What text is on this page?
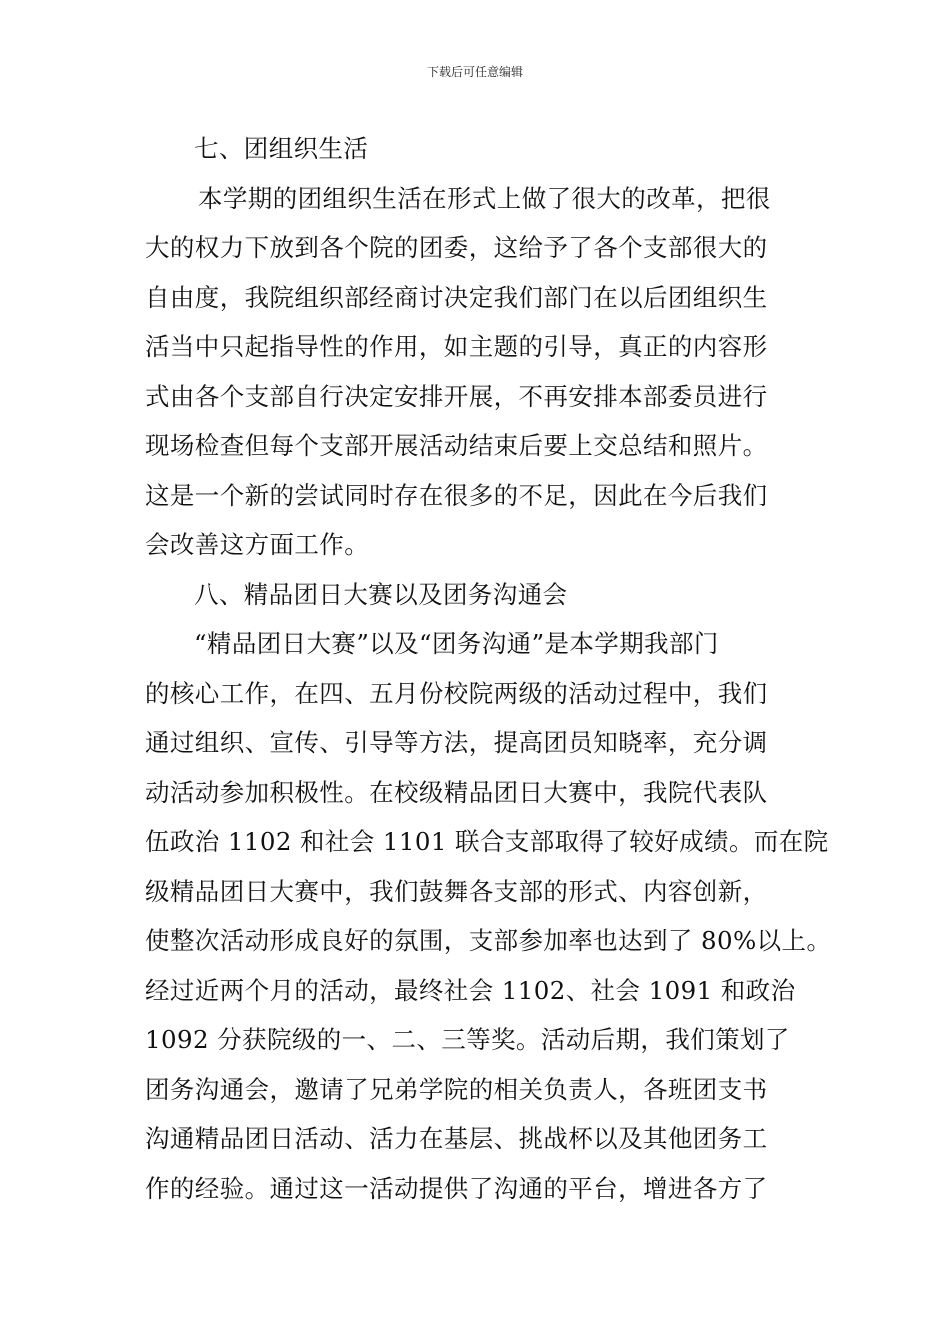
下载后可任意编辑
七、团组织生活
本学期的团组织生活在形式上做了很大的改革，把很
大的权力下放到各个院的团委，这给予了各个支部很大的
自由度，我院组织部经商讨决定我们部门在以后团组织生
活当中只起指导性的作用，如主题的引导，真正的内容形
式由各个支部自行决定安排开展，不再安排本部委员进行
现场检查但每个支部开展活动结束后要上交总结和照片。
这是一个新的尝试同时存在很多的不足，因此在今后我们
会改善这方面工作。
八、精品团日大赛以及团务沟通会
“精品团日大赛”以及“团务沟通”是本学期我部门
的核心工作，在四、五月份校院两级的活动过程中，我们
通过组织、宣传、引导等方法，提高团员知晓率，充分调
动活动参加积极性。在校级精品团日大赛中，我院代表队
伍政治 1102 和社会 1101 联合支部取得了较好成绩。而在院
级精品团日大赛中，我们鼓舞各支部的形式、内容创新，
使整次活动形成良好的氛围，支部参加率也达到了 80%以上。
经过近两个月的活动，最终社会 1102、社会 1091 和政治
1092 分获院级的一、二、三等奖。活动后期，我们策划了
团务沟通会，邀请了兄弟学院的相关负责人，各班团支书
沟通精品团日活动、活力在基层、挑战杯以及其他团务工
作的经验。通过这一活动提供了沟通的平台，增进各方了
